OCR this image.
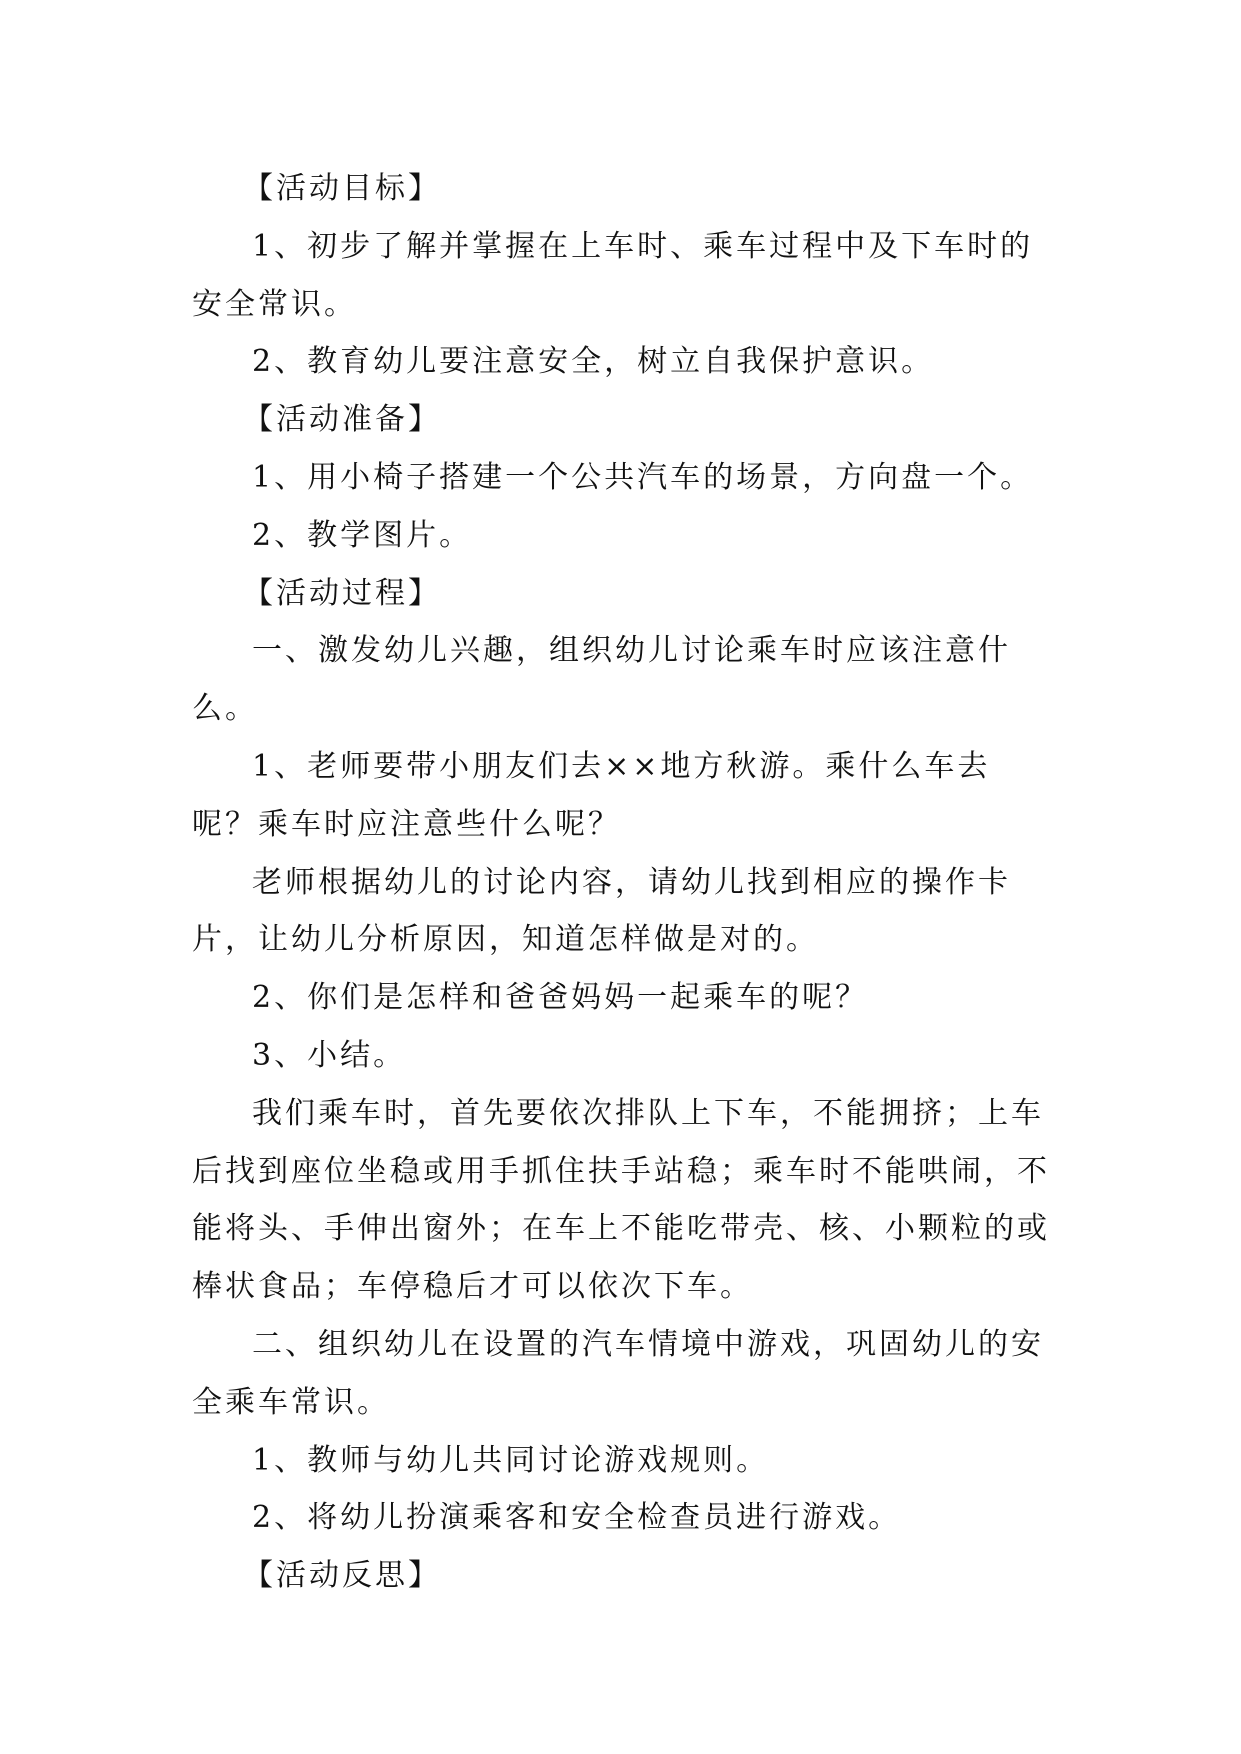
【活动目标】

1、初步了解并掌握在上车时、乘车过程中及下车时的安全常识。

2、教育幼儿要注意安全，树立自我保护意识。

【活动准备】

1、用小椅子搭建一个公共汽车的场景，方向盘一个。

2、教学图片。

【活动过程】

一、激发幼儿兴趣，组织幼儿讨论乘车时应该注意什么。

1、老师要带小朋友们去××地方秋游。乘什么车去呢？乘车时应注意些什么呢？

老师根据幼儿的讨论内容，请幼儿找到相应的操作卡片，让幼儿分析原因，知道怎样做是对的。

2、你们是怎样和爸爸妈妈一起乘车的呢？

3、小结。

我们乘车时，首先要依次排队上下车，不能拥挤；上车后找到座位坐稳或用手抓住扶手站稳；乘车时不能哄闹，不能将头、手伸出窗外；在车上不能吃带壳、核、小颗粒的或棒状食品；车停稳后才可以依次下车。

二、组织幼儿在设置的汽车情境中游戏，巩固幼儿的安全乘车常识。

1、教师与幼儿共同讨论游戏规则。

2、将幼儿扮演乘客和安全检查员进行游戏。

【活动反思】
